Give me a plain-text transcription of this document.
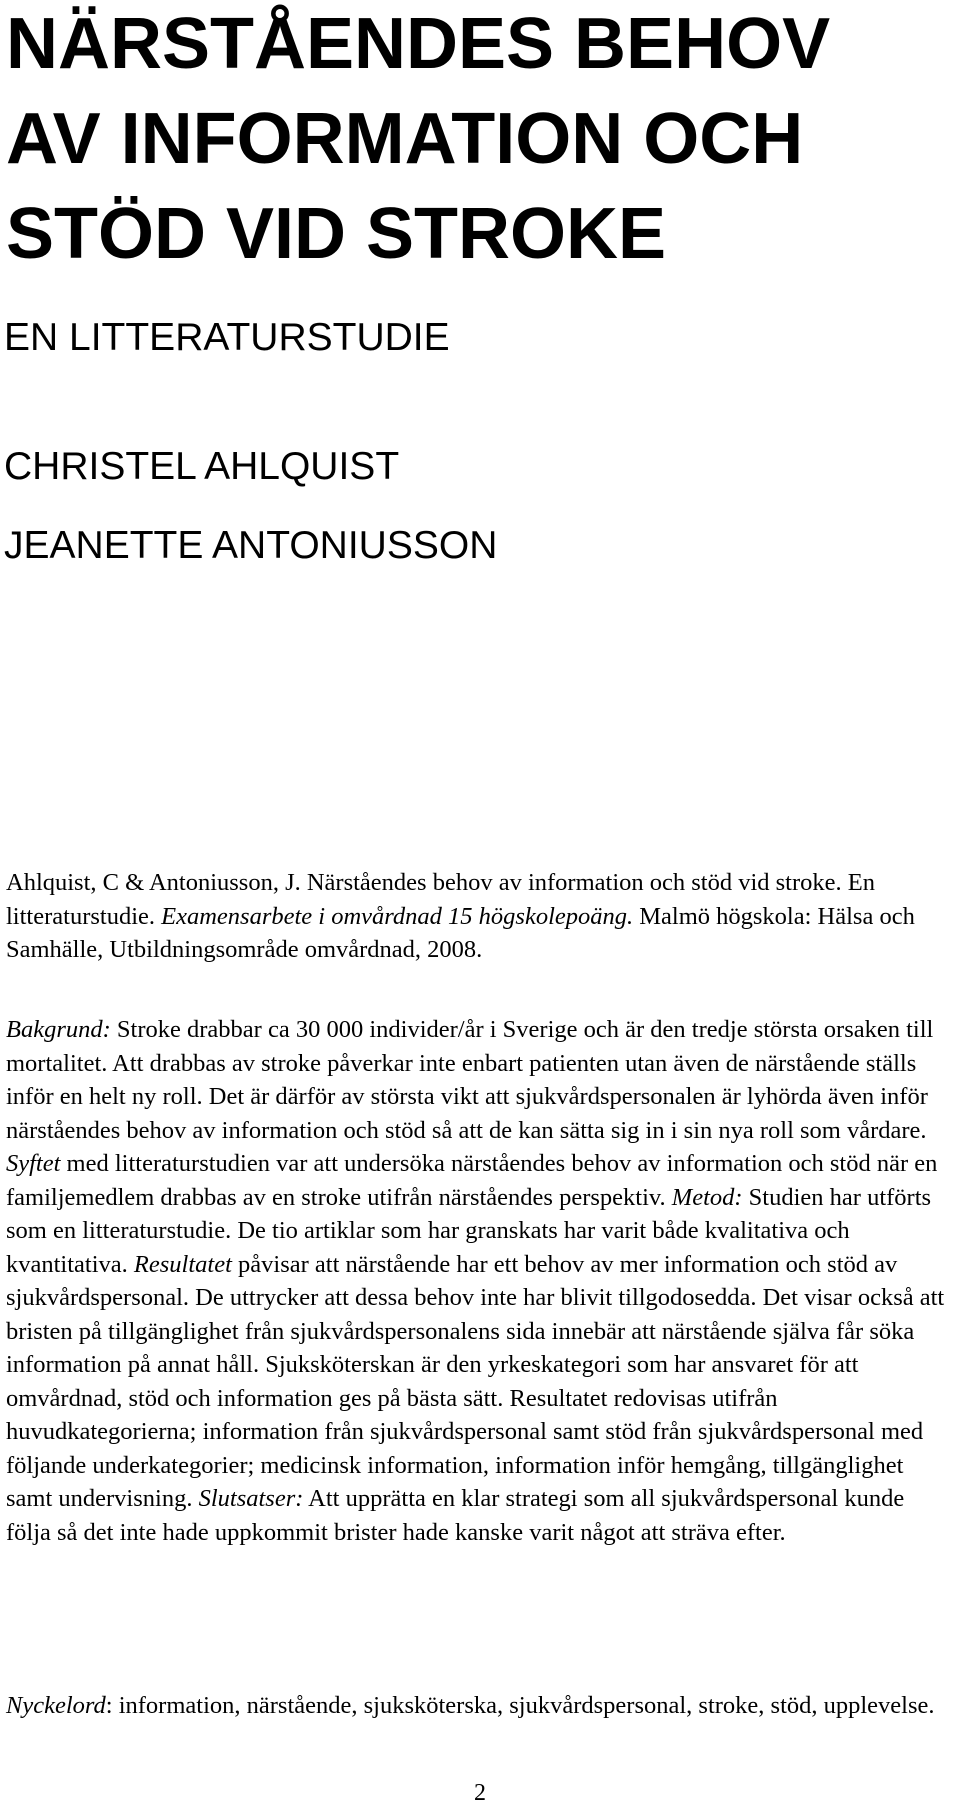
NÄRSTÅENDES BEHOV
AV INFORMATION OCH
STÖD VID STROKE
EN LITTERATURSTUDIE
CHRISTEL AHLQUIST
JEANETTE ANTONIUSSON

Ahlquist, C & Antoniusson, J. Närståendes behov av information och stöd vid stroke. En litteraturstudie. Examensarbete i omvårdnad 15 högskolepoäng. Malmö högskola: Hälsa och Samhälle, Utbildningsområde omvårdnad, 2008.

Bakgrund: Stroke drabbar ca 30 000 individer/år i Sverige och är den tredje största orsaken till mortalitet. Att drabbas av stroke påverkar inte enbart patienten utan även de närstående ställs inför en helt ny roll. Det är därför av största vikt att sjukvårdspersonalen är lyhörda även inför närståendes behov av information och stöd så att de kan sätta sig in i sin nya roll som vårdare. Syftet med litteraturstudien var att undersöka närståendes behov av information och stöd när en familjemedlem drabbas av en stroke utifrån närståendes perspektiv. Metod: Studien har utförts som en litteraturstudie. De tio artiklar som har granskats har varit både kvalitativa och kvantitativa. Resultatet påvisar att närstående har ett behov av mer information och stöd av sjukvårdspersonal. De uttrycker att dessa behov inte har blivit tillgodosedda. Det visar också att bristen på tillgänglighet från sjukvårdspersonalens sida innebär att närstående själva får söka information på annat håll. Sjuksköterskan är den yrkeskategori som har ansvaret för att omvårdnad, stöd och information ges på bästa sätt. Resultatet redovisas utifrån huvudkategorierna; information från sjukvårdspersonal samt stöd från sjukvårdspersonal med följande underkategorier; medicinsk information, information inför hemgång, tillgänglighet samt undervisning. Slutsatser: Att upprätta en klar strategi som all sjukvårdspersonal kunde följa så det inte hade uppkommit brister hade kanske varit något att sträva efter.

Nyckelord: information, närstående, sjuksköterska, sjukvårdspersonal, stroke, stöd, upplevelse.

2
